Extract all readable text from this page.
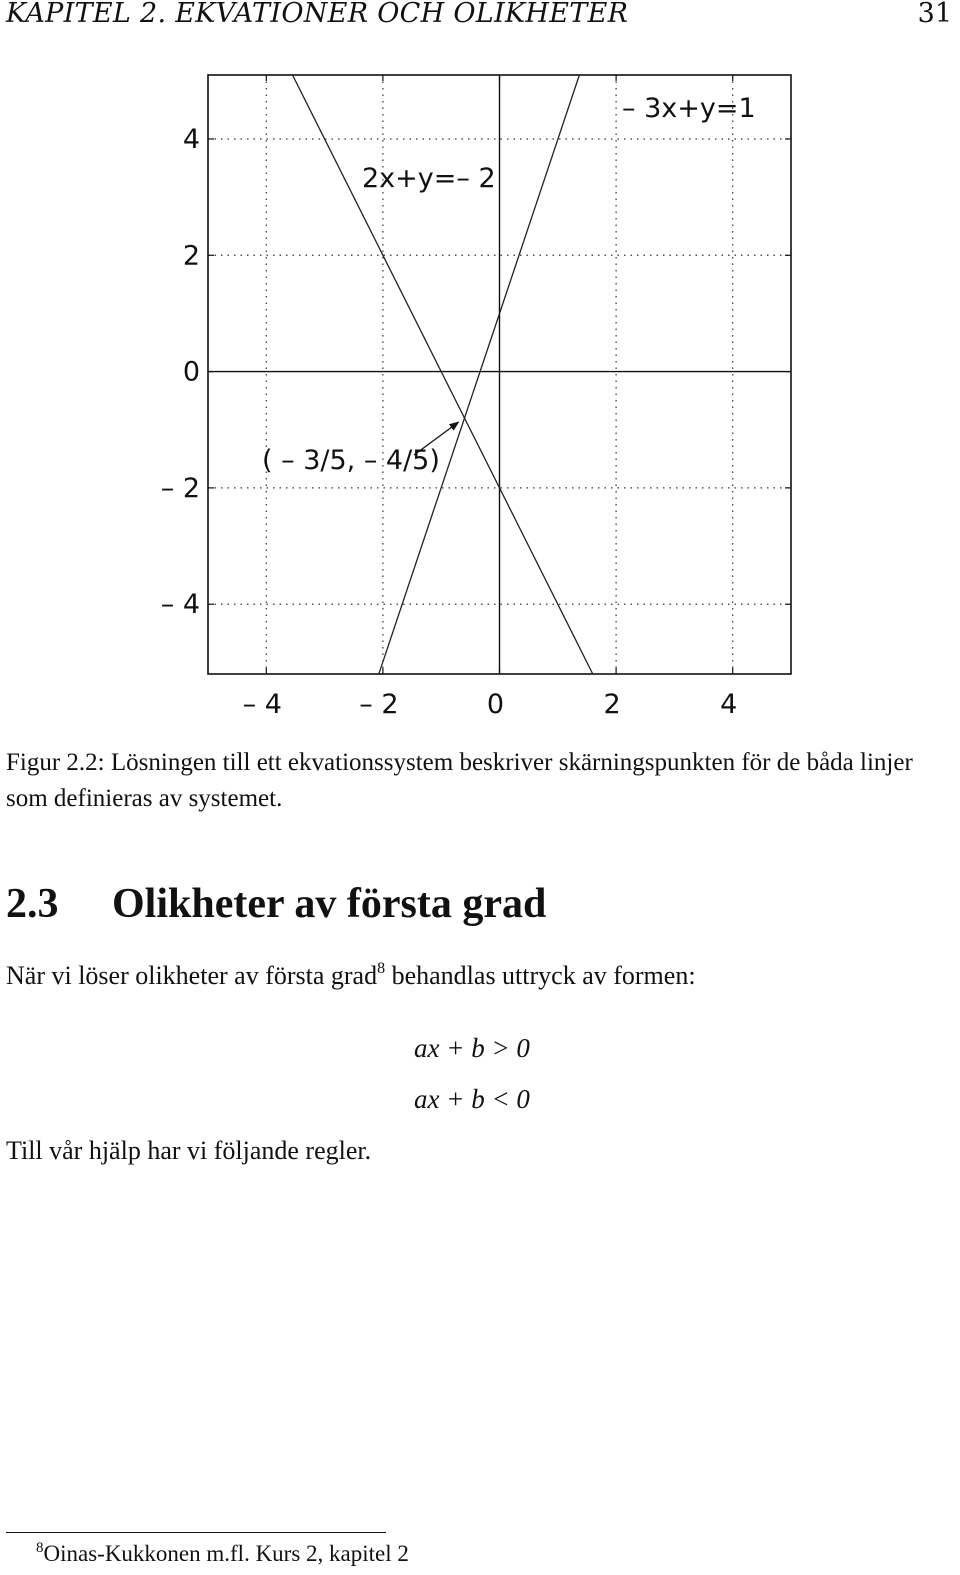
KAPITEL 2. EKVATIONER OCH OLIKHETER	31
– 4	– 2	0	2	4
– 4
– 2
0
2
4
– 3x+y=1
2x+y=– 2
( – 3/5, – 4/5)
Figur 2.2: Lösningen till ett ekvationssystem beskriver skärningspunkten för de båda linjer som definieras av systemet.
2.3 Olikheter av första grad
När vi löser olikheter av första grad$^8$ behandlas uttryck av formen:
ax + b > 0
ax + b < 0
Till vår hjälp har vi följande regler.
$^8$Oinas-Kukkonen m.fl. Kurs 2, kapitel 2
